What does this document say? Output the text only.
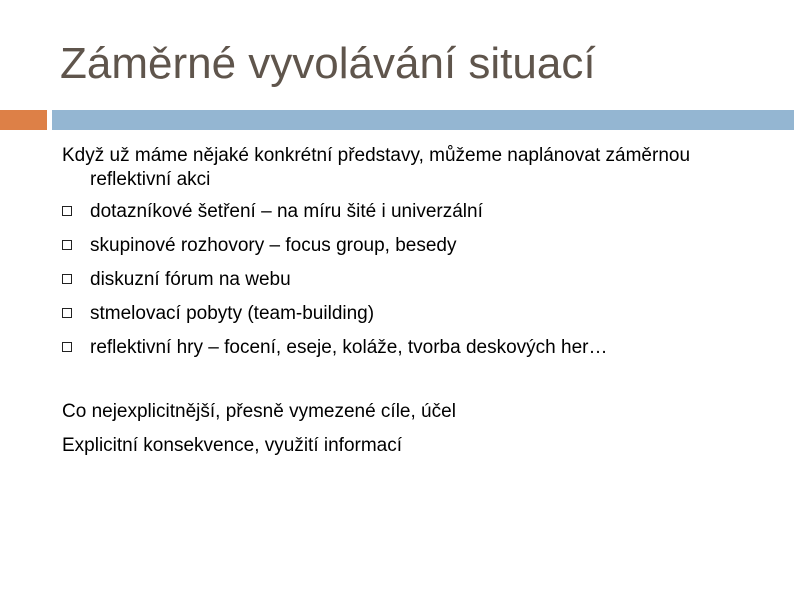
Záměrné vyvolávání situací

Když už máme nějaké konkrétní představy, můžeme naplánovat záměrnou reflektivní akci

dotazníkové šetření – na míru šité i univerzální
skupinové rozhovory – focus group, besedy
diskuzní fórum na webu
stmelovací pobyty (team-building)
reflektivní hry – focení, eseje, koláže, tvorba deskových her…

Co nejexplicitnější, přesně vymezené cíle, účel

Explicitní konsekvence, využití informací
